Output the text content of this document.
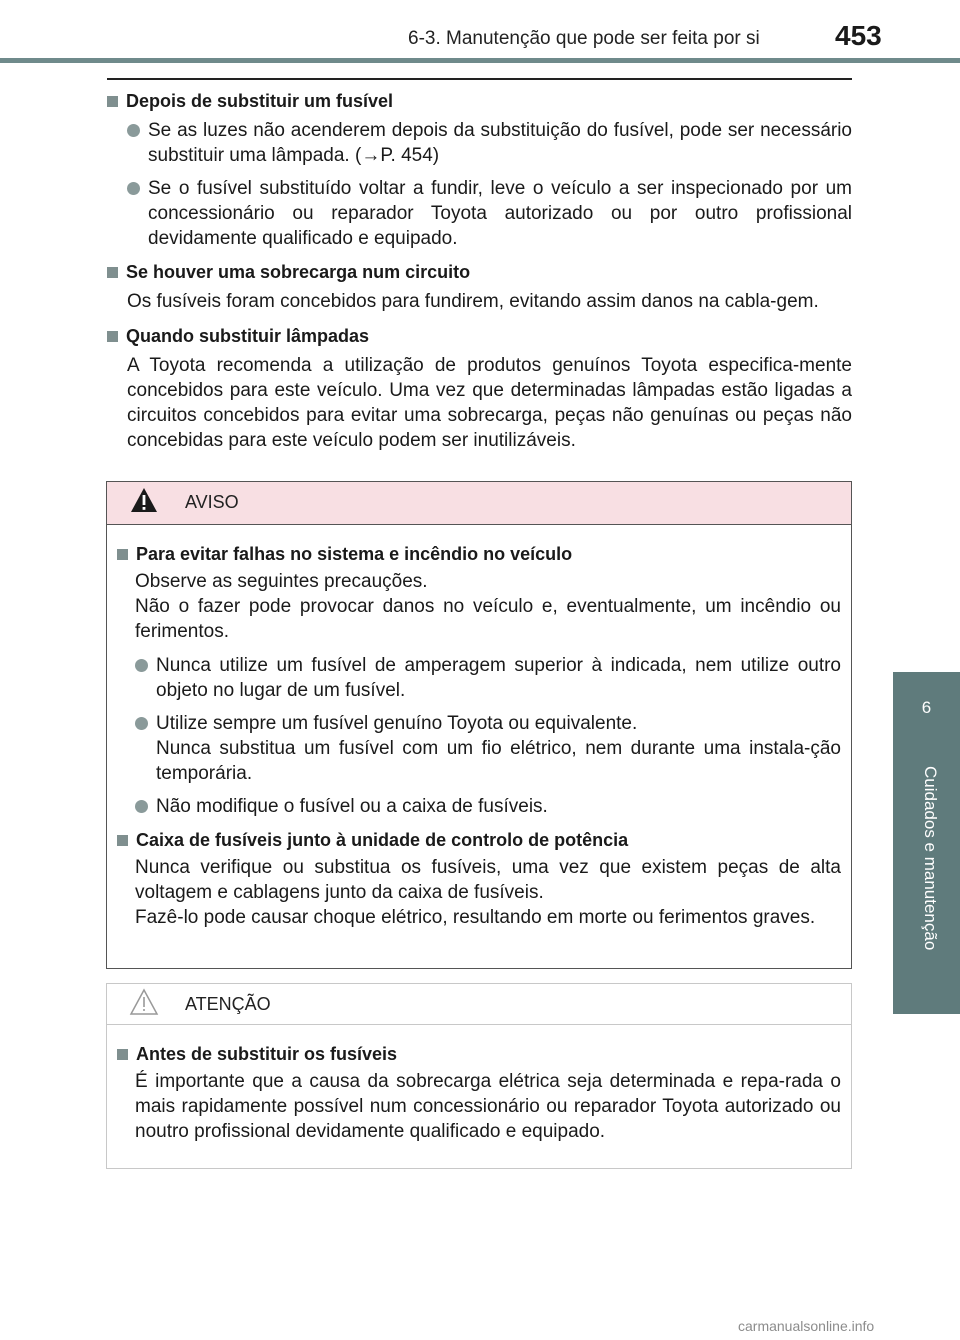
6-3. Manutenção que pode ser feita por si	453
6
Cuidados e manutenção
Depois de substituir um fusível
Se as luzes não acenderem depois da substituição do fusível, pode ser necessário substituir uma lâmpada. (→P. 454)
Se o fusível substituído voltar a fundir, leve o veículo a ser inspecionado por um concessionário ou reparador Toyota autorizado ou por outro profissional devidamente qualificado e equipado.
Se houver uma sobrecarga num circuito
Os fusíveis foram concebidos para fundirem, evitando assim danos na cabla-gem.
Quando substituir lâmpadas
A Toyota recomenda a utilização de produtos genuínos Toyota especifica-mente concebidos para este veículo. Uma vez que determinadas lâmpadas estão ligadas a circuitos concebidos para evitar uma sobrecarga, peças não genuínas ou peças não concebidas para este veículo podem ser inutilizáveis.
AVISO
Para evitar falhas no sistema e incêndio no veículo
Observe as seguintes precauções.
Não o fazer pode provocar danos no veículo e, eventualmente, um incêndio ou ferimentos.
Nunca utilize um fusível de amperagem superior à indicada, nem utilize outro objeto no lugar de um fusível.
Utilize sempre um fusível genuíno Toyota ou equivalente.
Nunca substitua um fusível com um fio elétrico, nem durante uma instala-ção temporária.
Não modifique o fusível ou a caixa de fusíveis.
Caixa de fusíveis junto à unidade de controlo de potência
Nunca verifique ou substitua os fusíveis, uma vez que existem peças de alta voltagem e cablagens junto da caixa de fusíveis.
Fazê-lo pode causar choque elétrico, resultando em morte ou ferimentos graves.
ATENÇÃO
Antes de substituir os fusíveis
É importante que a causa da sobrecarga elétrica seja determinada e repa-rada o mais rapidamente possível num concessionário ou reparador Toyota autorizado ou noutro profissional devidamente qualificado e equipado.
carmanualsonline.info
